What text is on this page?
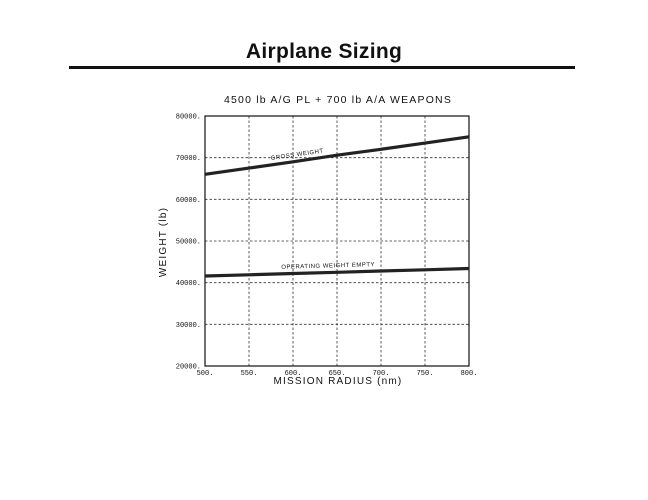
Airplane Sizing
4500 lb A/G PL + 700 lb A/A WEAPONS
20000.
30000.
40000.
50000.
60000.
70000.
80000.
500.	550.	600.	650.	700.	750.	800.
GROSS WEIGHT
OPERATING WEIGHT EMPTY
MISSION RADIUS (nm)
WEIGHT (lb)
